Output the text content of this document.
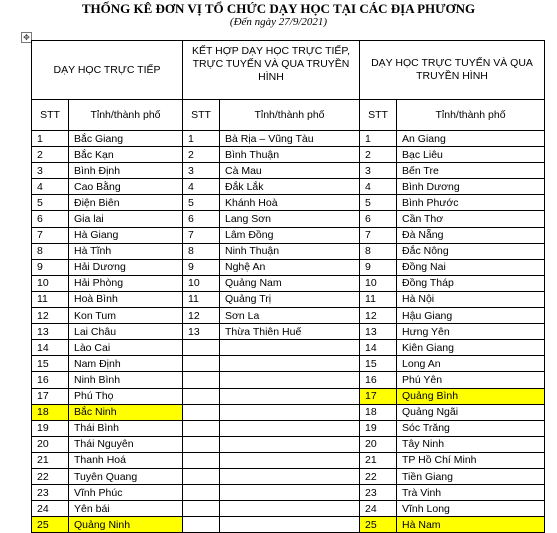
THỐNG KÊ ĐƠN VỊ TỔ CHỨC DẠY HỌC TẠI CÁC ĐỊA PHƯƠNG
(Đến ngày 27/9/2021)
✥
DẠY HỌC TRỰC TIẾP		KẾT HỢP DẠY HỌC TRỰC TIẾP, TRỰC TUYẾN VÀ QUA TRUYỀN HÌNH		DẠY HỌC TRỰC TUYẾN VÀ QUA TRUYỀN HÌNH	
STT	Tỉnh/thành phố	STT	Tỉnh/thành phố	STT	Tỉnh/thành phố
1	Bắc Giang	1	Bà Rịa – Vũng Tàu	1	An Giang
2	Bắc Kạn	2	Bình Thuận	2	Bạc Liêu
3	Bình Định	3	Cà Mau	3	Bến Tre
4	Cao Bằng	4	Đắk Lắk	4	Bình Dương
5	Điện Biên	5	Khánh Hoà	5	Bình Phước
6	Gia lai	6	Lang Sơn	6	Cần Thơ
7	Hà Giang	7	Lâm Đồng	7	Đà Nẵng
8	Hà Tĩnh	8	Ninh Thuận	8	Đắc Nông
9	Hải Dương	9	Nghệ An	9	Đồng Nai
10	Hải Phòng	10	Quảng Nam	10	Đồng Tháp
11	Hoà Bình	11	Quảng Trị	11	Hà Nội
12	Kon Tum	12	Sơn La	12	Hậu Giang
13	Lai Châu	13	Thừa Thiên Huế	13	Hưng Yên
14	Lào Cai			14	Kiên Giang
15	Nam Định			15	Long An
16	Ninh Bình			16	Phú Yên
17	Phú Thọ			17	Quảng Bình
18	Bắc Ninh			18	Quảng Ngãi
19	Thái Bình			19	Sóc Trăng
20	Thái Nguyên			20	Tây Ninh
21	Thanh Hoá			21	TP Hồ Chí Minh
22	Tuyên Quang			22	Tiền Giang
23	Vĩnh Phúc			23	Trà Vinh
24	Yên bái			24	Vĩnh Long
25	Quảng Ninh			25	Hà Nam
